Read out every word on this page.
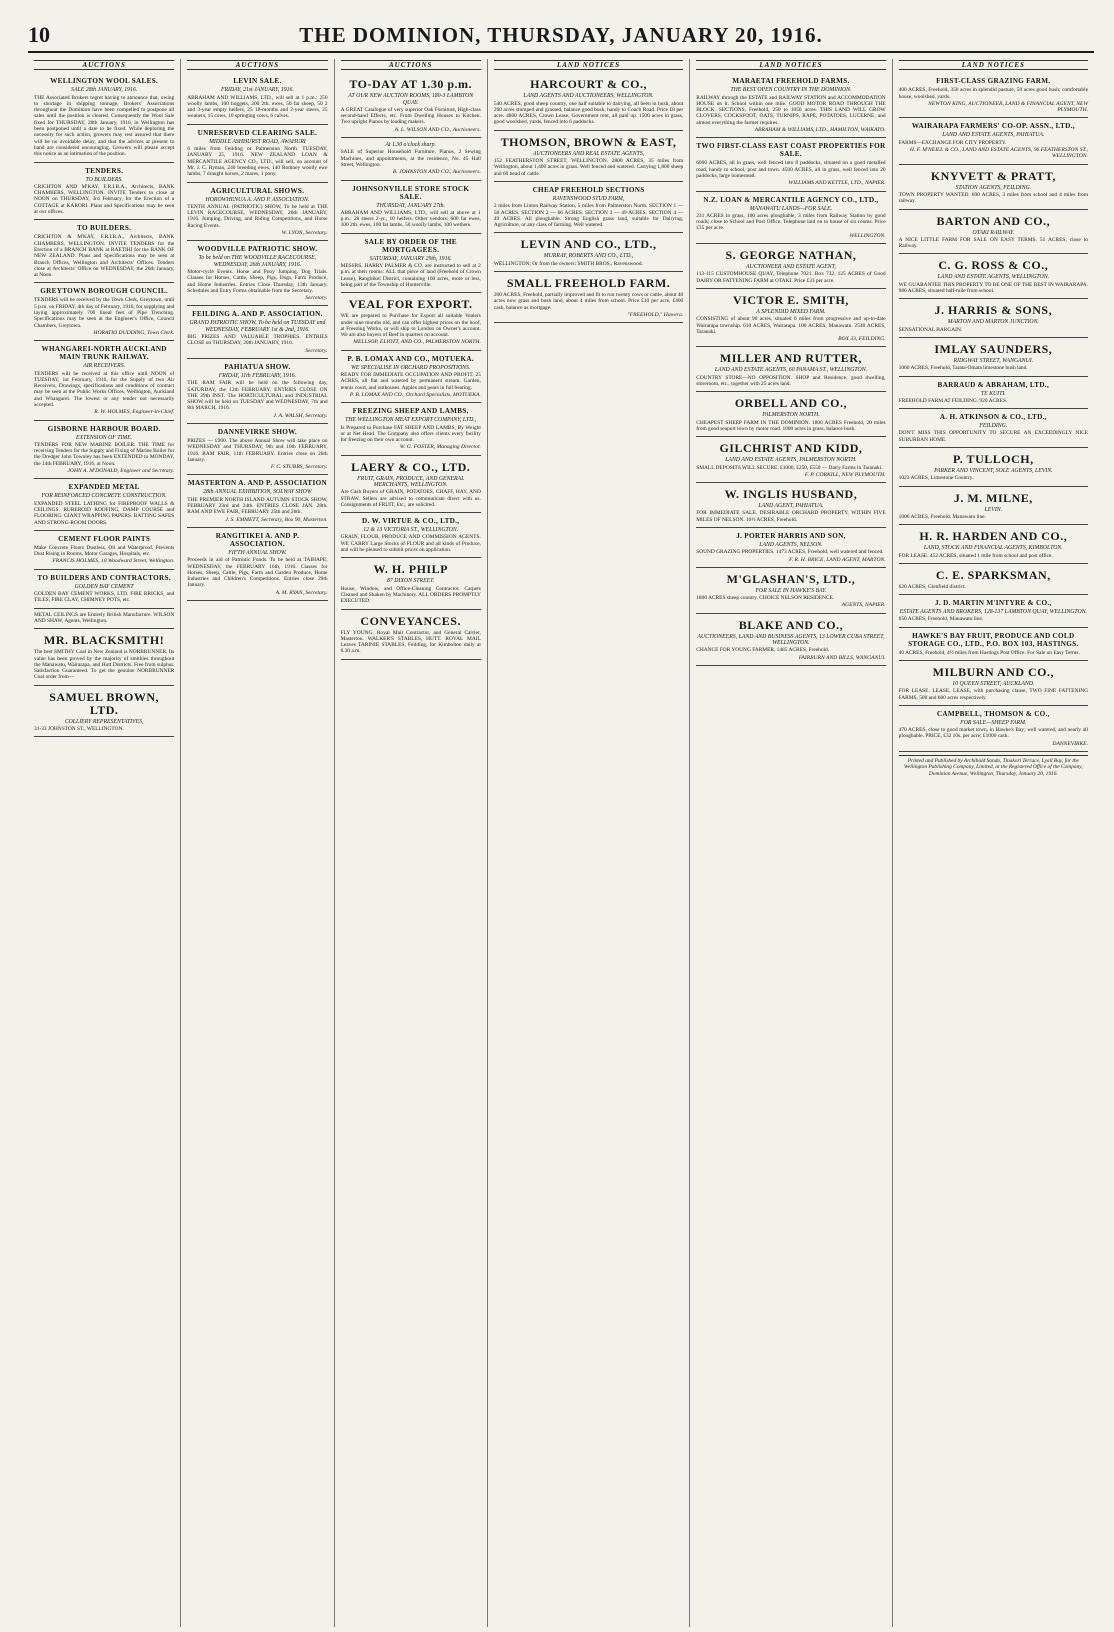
10	THE DOMINION, THURSDAY, JANUARY 20, 1916.
AUCTIONS
WELLINGTON WOOL SALES.
SALE 28th JANUARY, 1916.
THE Associated Brokers regret having to announce that, owing to shortage in shipping tonnage, Brokers' Associations throughout the Dominion have been compelled to postpone all sales until the position is cleared. Consequently the Wool Sale fixed for THURSDAY, 28th January, 1916, in Wellington has been postponed until a date to be fixed. While deploring the necessity for such action, growers may rest assured that there will be no avoidable delay, and that the advices at present to hand are considered encouraging. Growers will please accept this notice as an intimation of the position.
TENDERS.
TO BUILDERS.
CRICHTON AND M'KAY, F.R.I.B.A., Architects, BANK CHAMBERS, WELLINGTON. INVITE Tenders to close at NOON on THURSDAY, 3rd February, for the Erection of a COTTAGE at KARORI. Plans and Specifications may be seen at our offices.
TO BUILDERS.
CRICHTON & M'KAY, F.R.I.B.A., Architects, BANK CHAMBERS, WELLINGTON. INVITE TENDERS for the Erection of a BRANCH BANK at RAETIHI for the BANK OF NEW ZEALAND. Plans and Specifications may be seen at Branch Offices, Wellington and Architects' Offices. Tenders close at Architects' Office on WEDNESDAY, the 26th January, at Noon.
GREYTOWN BOROUGH COUNCIL.
TENDERS will be received by the Town Clerk, Greytown, until 5 p.m. on FRIDAY, 4th day of February, 1916, for supplying and laying approximately 700 lineal feet of Pipe Trenching. Specifications may be seen at the Engineer's Office, Council Chambers, Greytown.
HORATIO DUDDING, Town Clerk.
WHANGAREI-NORTH AUCKLAND MAIN TRUNK RAILWAY.
AIR RECEIVERS.
TENDERS will be received at this office until NOON of TUESDAY, 1st February, 1916, for the Supply of two Air Receivers, Drawings, specifications and conditions of contract may be seen at the Public Works Offices, Wellington, Auckland and Whangarei. The lowest or any tender not necessarily accepted.
R. W. HOLMES, Engineer-in-Chief.
GISBORNE HARBOUR BOARD.
EXTENSION OF TIME.
TENDERS FOR NEW MARINE BOILER. THE TIME for receiving Tenders for the Supply and Fixing of Marine Boiler for the Dredger John Townley has been EXTENDED to MONDAY, the 14th FEBRUARY, 1916, at Noon.
JOHN A. M'DONALD, Engineer and Secretary.
EXPANDED METAL
FOR REINFORCED CONCRETE CONSTRUCTION.
EXPANDED STEEL LATHING for FIREPROOF WALLS & CEILINGS. RUBEROID ROOFING, DAMP COURSE and FLOORING. GIANT WRAPPING PAPERS. BATTING SAFES AND STRONG-ROOM DOORS.
CEMENT FLOOR PAINTS
Make Concrete Floors Dustless, Oil and Waterproof. Prevents Dust Rising in Rooms, Motor Garages, Hospitals, etc.
FRANCIS HOLMES, 10 Woodward Street, Wellington.
TO BUILDERS AND CONTRACTORS.
GOLDEN BAY CEMENT
GOLDEN BAY CEMENT WORKS, LTD. FIRE BRICKS, and TILES, FIRE CLAY, CHIMNEY POTS, etc.
METAL CEILINGS are Entirely British Manufacture. WILSON AND SHAW, Agents, Wellington.
MR. BLACKSMITH!
The best SMITHY Coal in New Zealand is NORBRUNNER. Its value has been proved by the majority of smithies throughout the Manawatu, Wairarapa, and Hutt Districts. Free from sulphur. Satisfaction Guaranteed. To get the genuine NORBRUNNER Coal order from—
SAMUEL BROWN, LTD.
COLLIERY REPRESENTATIVES,
31-33 JOHNSTON ST., WELLINGTON.
AUCTIONS
LEVIN SALE.
FRIDAY, 21st JANUARY, 1916.
ABRAHAM AND WILLIAMS, LTD., will sell at 1 p.m.: 250 woolly lambs, 100 hoggets, 200 2th. ewes, 50 fat sheep, 50 2 and 3-year empty heifers, 25 18-months and 2-year steers, 25 weaners, 15 cows, 10 springing cows, 6 calves.
UNRESERVED CLEARING SALE.
MIDDLE ASHHURST ROAD, AWAHURI
6 miles from Feilding or Palmerston North. TUESDAY, JANUARY 25, 1916. NEW ZEALAND LOAN & MERCANTILE AGENCY CO., LTD., will sell, on account of Mr. J. C. Ryman, 240 breeding ewes, 140 Romney woolly ewe lambs, 7 draught horses, 2 mares, 1 pony.
AGRICULTURAL SHOWS.
HOROWHENUA A. AND P. ASSOCIATION.
TENTH ANNUAL (PATRIOTIC) SHOW, To be held at THE LEVIN RACECOURSE, WEDNESDAY, 26th JANUARY, 1916. Jumping, Driving, and Riding Competitions, and Horse Racing Events.
W. LYON, Secretary.
WOODVILLE PATRIOTIC SHOW.
To be held on THE WOODVILLE RACECOURSE, WEDNESDAY, 26th JANUARY, 1916.
Motor-cycle Events. Horse and Pony Jumping. Dog Trials. Classes for Horses, Cattle, Sheep, Pigs, Dogs, Farm Produce, and Home Industries. Entries Close Thursday, 13th January. Schedules and Entry Forms obtainable from the Secretary.
Secretary.
FEILDING A. AND P. ASSOCIATION.
GRAND PATRIOTIC SHOW, To be held on TUESDAY and WEDNESDAY, FEBRUARY 1st & 2nd, 1916.
BIG PRIZES AND VALUABLE TROPHIES. ENTRIES CLOSE on THURSDAY, 20th JANUARY, 1916.
Secretary.
PAHIATUA SHOW.
FRIDAY, 11th FEBRUARY, 1916.
THE RAM FAIR will be held on the following day, SATURDAY, the 12th FEBRUARY. ENTRIES CLOSE ON THE 29th INST. The HORTICULTURAL and INDUSTRIAL SHOW will be held on TUESDAY and WEDNESDAY, 7th and 8th MARCH, 1916.
J. A. WALSH, Secretary.
DANNEVIRKE SHOW.
PRIZES — £900. The above Annual Show will take place on WEDNESDAY and THURSDAY, 9th and 10th FEBRUARY, 1916. RAM FAIR, 11th FEBRUARY. Entries close on 26th January.
F. C. STUBBS, Secretary.
MASTERTON A. AND P. ASSOCIATION
28th ANNUAL EXHIBITION, SOLWAY SHOW
THE PREMIER NORTH ISLAND AUTUMN STOCK SHOW, FEBRUARY 23rd and 24th. ENTRIES CLOSE JAN. 28th. RAM AND EWE FAIR, FEBRUARY 25th and 26th.
J. S. EMMETT, Secretary, Box 90, Masterton.
RANGITIKEI A. AND P. ASSOCIATION.
FIFTH ANNUAL SHOW.
Proceeds in aid of Patriotic Funds. To be held at TAIHAPE, WEDNESDAY, the FEBRUARY 16th, 1916. Classes for Horses, Sheep, Cattle, Pigs, Farm and Garden Produce, Home Industries and Children's Competitions. Entries close 29th January.
A. M. RYAN, Secretary.
AUCTIONS
TO-DAY AT 1.30 p.m.
AT OUR NEW AUCTION ROOMS, 180-3 LAMBTON QUAY.
A GREAT Catalogue of very superior Oak Furniture, High-class second-hand Effects, etc. From Dwelling Houses to Kitchen. Two upright Pianos by leading makers.
A. L. WILSON AND CO., Auctioneers.
At 1.30 o'clock sharp.
SALE of Superior Household Furniture, Pianos, 2 Sewing Machines, and appointments, at the residence, No. 45 Hall Street, Wellington.
B. JOHNSTON AND CO., Auctioneers.
JOHNSONVILLE STORE STOCK SALE.
THURSDAY, JANUARY 27th.
ABRAHAM AND WILLIAMS, LTD., will sell at above at 1 p.m.: 28 steers 2-yr., 10 heifers. Other vendors: 600 fat ewes, 100 2th. ewes, 100 fat lambs, 50 woolly lambs, 100 wethers.
SALE BY ORDER OF THE MORTGAGEES.
SATURDAY, JANUARY 29th, 1916.
MESSRS. HARRY PALMER & CO. are instructed to sell at 2 p.m. at their rooms: ALL that piece of land (Freehold of Crown Lease), Rangitikei District, containing 160 acres, more or less, being part of the Township of Hunterville.
VEAL FOR EXPORT.
WE are prepared to Purchase for Export all suitable Vealers under nine months old, and can offer highest prices on the hoof, at Freezing Works, or will ship to London on Owner's account. We are also buyers of Beef in quarters on account.
MELLSOP, ELIOTT, AND CO., PALMERSTON NORTH.
P. B. LOMAX AND CO., MOTUEKA.
WE SPECIALISE IN ORCHARD PROPOSITIONS.
READY FOR IMMEDIATE OCCUPATION AND PROFIT. 25 ACRES, all flat and watered by permanent stream. Garden, tennis court, and outhouses. Apples and pears in full bearing.
P. B. LOMAX AND CO., Orchard Specialists, MOTUEKA.
FREEZING SHEEP AND LAMBS.
THE WELLINGTON MEAT EXPORT COMPANY, LTD.,
Is Prepared to Purchase FAT SHEEP AND LAMBS, By Weight or at Net Head. The Company also offers clients every facility for freezing on their own account.
W. G. FOSTER, Managing Director.
LAERY & CO., LTD.
FRUIT, GRAIN, PRODUCE, AND GENERAL MERCHANTS, WELLINGTON.
Are Cash Buyers of GRAIN, POTATOES, CHAFF, HAY, AND STRAW. Sellers are advised to communicate direct with us. Consignments of FRUIT, Etc., are solicited.
D. W. VIRTUE & CO., LTD.,
12 & 13 VICTORIA ST., WELLINGTON.
GRAIN, FLOUR, PRODUCE AND COMMISSION AGENTS. WE CARRY Large Stocks of FLOUR and all kinds of Produce, and will be pleased to submit prices on application.
W. H. PHILP
87 DIXON STREET.
House, Window, and Office-Cleaning Contractor. Carpets Cleaned and Shaken by Machinery. ALL ORDERS PROMPTLY EXECUTED.
CONVEYANCES.
FLY YOUNG, Royal Mail Contractor, and General Carrier, Masterton. WALKER'S STABLES, HUTT. ROYAL MAIL Leaves TARINIE STABLES, Feilding, for Kimbolton daily at 6.30 a.m.
LAND NOTICES
HARCOURT & CO.,
LAND AGENTS AND AUCTIONEERS, WELLINGTON.
540 ACRES, good sheep country, one half suitable to dairying, all been in bush, about 260 acres stumped and grassed, balance good bush, handy to Coach Road. Price £8 per acre. 4800 ACRES, Crown Lease, Government rent, all paid up. 1500 acres in grass, good woolshed, yards, fenced into 6 paddocks.
THOMSON, BROWN & EAST,
AUCTIONEERS AND REAL ESTATE AGENTS,
152 FEATHERSTON STREET, WELLINGTON. 2800 ACRES, 35 miles from Wellington, about 1,400 acres in grass. Well fenced and watered. Carrying 1,800 sheep and 60 head of cattle.
CHEAP FREEHOLD SECTIONS
RAVENSWOOD STUD FARM,
2 miles from Linton Railway Station, 5 miles from Palmerston North. SECTION 1 — 58 ACRES. SECTION 2 — 66 ACRES. SECTION 3 — 49 ACRES. SECTION 4 — 49 ACRES. All ploughable. Strong English grass land, suitable for Dairying, Agriculture, or any class of farming. Well watered.
LEVIN AND CO., LTD.,
MURRAY, ROBERTS AND CO., LTD.,
WELLINGTON; Or from the owners: SMITH BROS., Ravenswood.
SMALL FREEHOLD FARM.
200 ACRES, Freehold, partially improved and fit to run twenty cows or cattle, about 40 acres now grass and bush land, about 4 miles from school. Price £10 per acre, £400 cash, balance as mortgage.
"FREEHOLD," Hawera.
LAND NOTICES
MARAETAI FREEHOLD FARMS.
THE BEST OPEN COUNTRY IN THE DOMINION.
RAILWAY through the ESTATE and RAILWAY STATION and ACCOMMODATION HOUSE on it. School within one mile. GOOD MOTOR ROAD THROUGH THE BLOCK. SECTIONS, Freehold, 250 to 1050 acres. THIS LAND WILL GROW CLOVERS, COCKSFOOT, OATS, TURNIPS, RAPE, POTATOES, LUCERNE, and almost everything the farmer requires.
ABRAHAM & WILLIAMS, LTD., HAMILTON, WAIKATO.
TWO FIRST-CLASS EAST COAST PROPERTIES FOR SALE.
6000 ACRES, all in grass, well fenced into 8 paddocks, situated on a good metalled road, handy to school, post and town. 4500 ACRES, all in grass, well fenced into 20 paddocks, large homestead.
WILLIAMS AND KETTLE, LTD., NAPIER.
N.Z. LOAN & MERCANTILE AGENCY CO., LTD.,
MANAWATU LANDS—FOR SALE.
231 ACRES in grass, 100 acres ploughable, 3 miles from Railway Station by good roads; close to School and Post Office. Telephone laid on to house of six rooms. Price £35 per acre.
WELLINGTON.
S. GEORGE NATHAN,
AUCTIONEER AND ESTATE AGENT,
113-115 CUSTOMHOUSE QUAY, Telephone 7021. Box 732. 125 ACRES of Good DAIRY OR FATTENING FARM at OTAKI. Price £33 per acre.
VICTOR E. SMITH,
A SPLENDID MIXED FARM.
CONSISTING of about 90 acres, situated 6 miles from progressive and up-to-date Wairarapa township. 610 ACRES, Wairarapa. 100 ACRES, Manawatu. 2540 ACRES, Taranaki.
BOX 33, FEILDING.
MILLER AND RUTTER,
LAND AND ESTATE AGENTS, 60 PANAMA ST., WELLINGTON.
COUNTRY STORE—NO OPPOSITION. SHOP and Residence, good dwelling, storeroom, etc., together with 25 acres land.
ORBELL AND CO.,
PALMERSTON NORTH.
CHEAPEST SHEEP FARM IN THE DOMINION. 1800 ACRES Freehold, 20 miles from good seaport town by motor road. 1000 acres in grass, balance bush.
GILCHRIST AND KIDD,
LAND AND ESTATE AGENTS, PALMERSTON NORTH.
SMALL DEPOSITS WILL SECURE. £1000, £250, £550 — Dairy Farms in Taranaki.
F. P. CORKILL, NEW PLYMOUTH.
W. INGLIS HUSBAND,
LAND AGENT, PAHIATUA.
FOR IMMEDIATE SALE. DESIRABLE ORCHARD PROPERTY, WITHIN FIVE MILES OF NELSON. 10½ ACRES, Freehold.
J. PORTER HARRIS AND SON,
LAND AGENTS, NELSON.
SOUND GRAZING PROPERTIES. 1473 ACRES, Freehold, well watered and fenced.
F. R. H. BRICE, LAND AGENT, MARTON.
M'GLASHAN'S, LTD.,
FOR SALE IN HAWKE'S BAY.
1800 ACRES sheep country. CHOICE NELSON RESIDENCE.
AGENTS, NAPIER.
BLAKE AND CO.,
AUCTIONEERS, LAND AND BUSINESS AGENTS, 13 LOWER CUBA STREET, WELLINGTON.
CHANCE FOR YOUNG FARMER. 1485 ACRES, Freehold.
FAIRBURN AND BILLS, WANGANUI.
LAND NOTICES
FIRST-CLASS GRAZING FARM.
400 ACRES, Freehold, 350 acres in splendid pasture, 50 acres good bush; comfortable house, woolshed, yards.
NEWTON KING, AUCTIONEER, LAND & FINANCIAL AGENT, NEW PLYMOUTH.
WAIRARAPA FARMERS' CO-OP. ASSN., LTD.,
LAND AND ESTATE AGENTS, PAHIATUA.
FARMS—EXCHANGE FOR CITY PROPERTY.
H. F. M'NEILL & CO., LAND AND ESTATE AGENTS, 96 FEATHERSTON ST., WELLINGTON.
KNYVETT & PRATT,
STATION AGENTS, FEILDING.
TOWN PROPERTY WANTED. 690 ACRES, 3 miles from school and 4 miles from railway.
BARTON AND CO.,
OTAKI RAILWAY.
A NICE LITTLE FARM FOR SALE ON EASY TERMS. 51 ACRES, close to Railway.
C. G. ROSS & CO.,
LAND AND ESTATE AGENTS, WELLINGTON.
WE GUARANTEE THIS PROPERTY TO BE ONE OF THE BEST IN WAIRARAPA. 986 ACRES, situated half-mile from school.
J. HARRIS & SONS,
MARTON AND MARTON JUNCTION.
SENSATIONAL BARGAIN.
IMLAY SAUNDERS,
RIDGWAY STREET, WANGANUI.
1060 ACRES, Freehold, Tarata-Omata limestone bush land.
BARRAUD & ABRAHAM, LTD.,
TE KUITI.
FREEHOLD FARM AT FEILDING. 920 ACRES.
A. H. ATKINSON & CO., LTD.,
FEILDING.
DON'T MISS THIS OPPORTUNITY TO SECURE AN EXCEEDINGLY NICE SUBURBAN HOME.
P. TULLOCH,
PARKER AND VINCENT, SOLE AGENTS, LEVIN.
1023 ACRES, Limestone Country.
J. M. MILNE,
LEVIN.
1006 ACRES, Freehold, Manawatu line.
H. R. HARDEN AND CO.,
LAND, STOCK AND FINANCIAL AGENTS, KIMBOLTON.
FOR LEASE. 452 ACRES, situated 1 mile from school and post office.
C. E. SPARKSMAN,
620 ACRES, Glenfield district.
J. D. MARTIN M'INTYRE & CO.,
ESTATE AGENTS AND BROKERS, 128-137 LAMBTON QUAY, WELLINGTON.
650 ACRES, Freehold, Manawatu line.
HAWKE'S BAY FRUIT, PRODUCE AND COLD STORAGE CO., LTD., P.O. BOX 103, HASTINGS.
40 ACRES, Freehold, 4½ miles from Hastings Post Office. For Sale on Easy Terms.
MILBURN AND CO.,
10 QUEEN STREET, AUCKLAND.
FOR LEASE. LEASE, LEASE, with purchasing clause, TWO FINE FATTENING FARMS, 500 and 600 acres respectively.
CAMPBELL, THOMSON & CO.,
FOR SALE—SHEEP FARM.
470 ACRES, close to good market town, in Hawke's Bay; well watered, and nearly all ploughable. PRICE, £32 10s. per acre; £1000 cash.
DANNEVIRKE.
Printed and Published by Archibald Sando, Tinakori Terrace, Lyall Bay, for the Wellington Publishing Company, Limited, at the Registered Office of the Company, Dominion Avenue, Wellington, Thursday, January 20, 1916.
